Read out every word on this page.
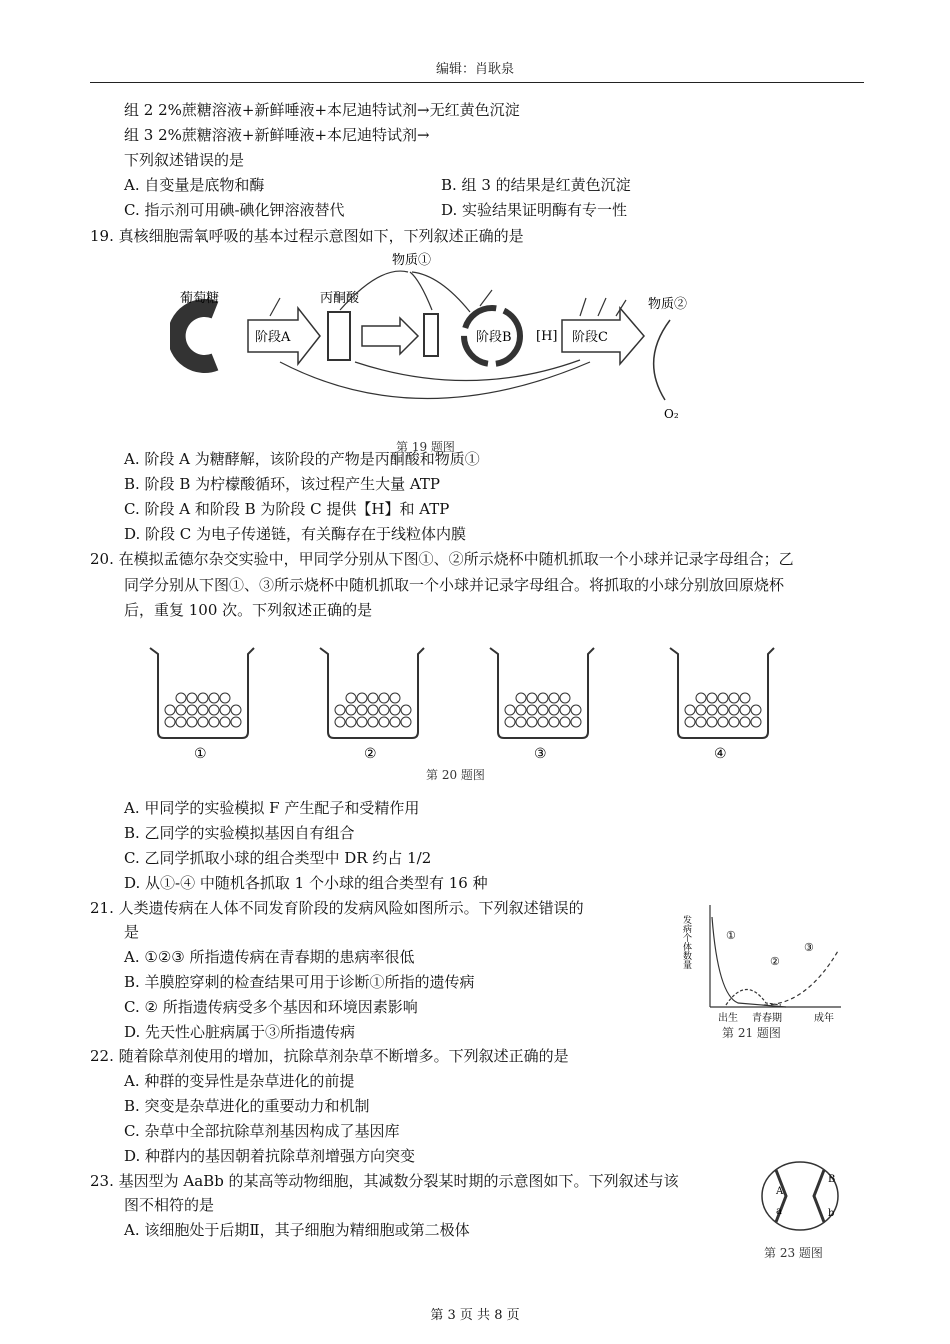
编辑：肖耿泉
组 2 2%蔗糖溶液+新鲜唾液+本尼迪特试剂→无红黄色沉淀
组 3 2%蔗糖溶液+新鲜唾液+本尼迪特试剂→
下列叙述错误的是
A. 自变量是底物和酶	B. 组 3 的结果是红黄色沉淀
C. 指示剂可用碘-碘化钾溶液替代	D. 实验结果证明酶有专一性
19. 真核细胞需氧呼吸的基本过程示意图如下，下列叙述正确的是
葡萄糖
阶段A
丙酮酸
阶段B [H] 阶段C
物质①
物质②
O₂
第 19 题图
A. 阶段 A 为糖酵解，该阶段的产物是丙酮酸和物质①
B. 阶段 B 为柠檬酸循环，该过程产生大量 ATP
C. 阶段 A 和阶段 B 为阶段 C 提供【H】和 ATP
D. 阶段 C 为电子传递链，有关酶存在于线粒体内膜
20. 在模拟孟德尔杂交实验中，甲同学分别从下图①、②所示烧杯中随机抓取一个小球并记录字母组合；乙
同学分别从下图①、③所示烧杯中随机抓取一个小球并记录字母组合。将抓取的小球分别放回原烧杯
后，重复 100 次。下列叙述正确的是
①	②	③	④
第 20 题图
A. 甲同学的实验模拟 F 产生配子和受精作用
B. 乙同学的实验模拟基因自有组合
C. 乙同学抓取小球的组合类型中 DR 约占 1/2
D. 从①-④ 中随机各抓取 1 个小球的组合类型有 16 种
21. 人类遗传病在人体不同发育阶段的发病风险如图所示。下列叙述错误的
是
A. ①②③ 所指遗传病在青春期的患病率很低
B. 羊膜腔穿刺的检查结果可用于诊断①所指的遗传病
C. ② 所指遗传病受多个基因和环境因素影响
D. 先天性心脏病属于③所指遗传病
发病个体数量	①
②
③
出生 青春期	成年
第 21 题图
22. 随着除草剂使用的增加，抗除草剂杂草不断增多。下列叙述正确的是
A. 种群的变异性是杂草进化的前提
B. 突变是杂草进化的重要动力和机制
C. 杂草中全部抗除草剂基因构成了基因库
D. 种群内的基因朝着抗除草剂增强方向突变
23. 基因型为 AaBb 的某高等动物细胞，其减数分裂某时期的示意图如下。下列叙述与该
图不相符的是
A. 该细胞处于后期Ⅱ，其子细胞为精细胞或第二极体
A
a
B
b
第 23 题图
第 3 页 共 8 页
